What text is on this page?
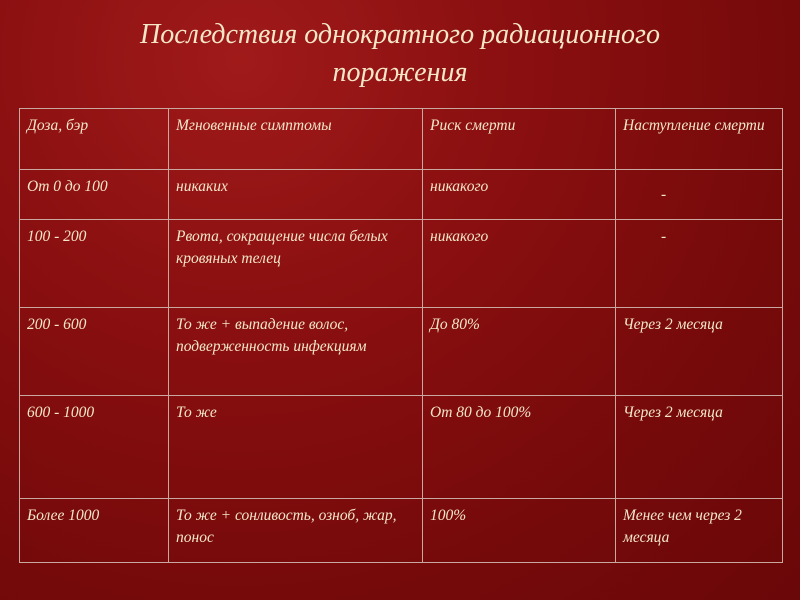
Последствия однократного радиационного
поражения
Доза, бэр	Мгновенные симптомы	Риск смерти	Наступление смерти
От 0 до 100	никаких	никакого	-

100 - 200	Рвота, сокращение числа белых кровяных телец	никакого	-

200 - 600	То же + выпадение волос, подверженность инфекциям	До 80%	Через 2 месяца
600 - 1000	То же	От 80 до 100%	Через 2 месяца
Более 1000	То же + сонливость, озноб, жар, понос	100%	Менее чем через 2 месяца
